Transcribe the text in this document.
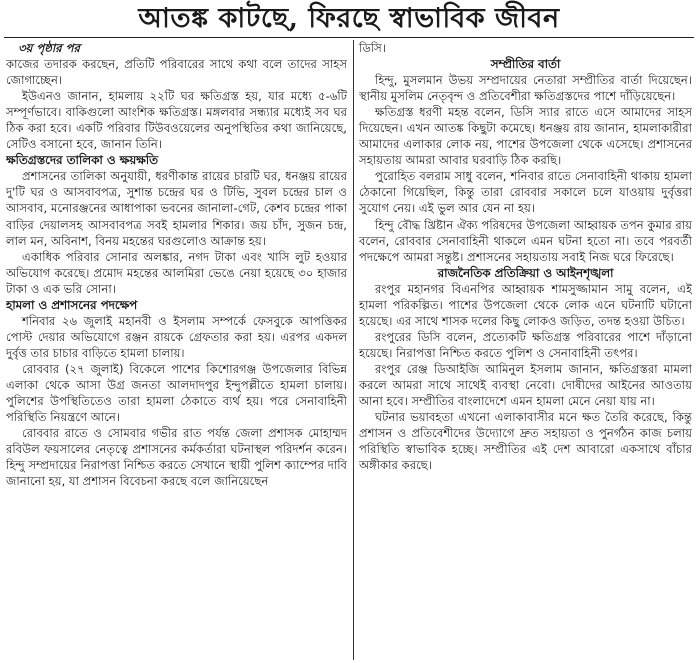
আতঙ্ক কাটছে, ফিরছে স্বাভাবিক জীবন

৩য় পৃষ্ঠার পর

কাজের তদারক করছেন, প্রতিটি পরিবারের সাথে কথা বলে তাদের সাহস জোগাচ্ছেন।

ইউএনও জানান, হামলায় ২২টি ঘর ক্ষতিগ্রস্ত হয়, যার মধ্যে ৫-৬টি সম্পূর্ণভাবে। বাকিগুলো আংশিক ক্ষতিগ্রস্ত। মঙ্গলবার সন্ধ্যার মধ্যেই সব ঘর ঠিক করা হবে। একটি পরিবার টিউবওয়েলের অনুপস্থিতির কথা জানিয়েছে, সেটিও বসানো হবে, জানান তিনি।

ক্ষতিগ্রস্তদের তালিকা ও ক্ষয়ক্ষতি

প্রশাসনের তালিকা অনুযায়ী, ধরণীকান্ত রায়ের চারটি ঘর, ধনঞ্জয় রায়ের দু'টি ঘর ও আসবাবপত্র, সুশান্ত চন্দ্রের ঘর ও টিভি, সুবল চন্দ্রের চাল ও আসবাব, মনোরঞ্জনের আধাপাকা ভবনের জানালা-গেট, কেশব চন্দ্রের পাকা বাড়ির দেয়ালসহ আসবাবপত্র সবই হামলার শিকার। জয় চাঁদ, সুজন চন্দ্র, লাল মন, অবিনাশ, বিনয় মহন্তের ঘরগুলোও আক্রান্ত হয়।

একাধিক পরিবার সোনার অলঙ্কার, নগদ টাকা এবং খাসি লুট হওয়ার অভিযোগ করেছে। প্রমোদ মহন্তের আলমিরা ভেঙে নেয়া হয়েছে ৩০ হাজার টাকা ও এক ভরি সোনা।

হামলা ও প্রশাসনের পদক্ষেপ

শনিবার ২৬ জুলাই মহানবী ও ইসলাম সম্পর্কে ফেসবুকে আপত্তিকর পোস্ট দেয়ার অভিযোগে রঞ্জন রায়কে গ্রেফতার করা হয়। এরপর একদল দুর্বৃত্ত তার চাচার বাড়িতে হামলা চালায়।

রোববার (২৭ জুলাই) বিকেলে পাশের কিশোরগঞ্জ উপজেলার বিভিন্ন এলাকা থেকে আসা উগ্র জনতা আলদাদপুর ইন্দুপল্লীতে হামলা চালায়। পুলিশের উপস্থিতিতেও তারা হামলা ঠেকাতে ব্যর্থ হয়। পরে সেনাবাহিনী পরিস্থিতি নিয়ন্ত্রণে আনে।

রোববার রাতে ও সোমবার গভীর রাত পর্যন্ত জেলা প্রশাসক মোহাম্মদ রবিউল ফয়সালের নেতৃত্বে প্রশাসনের কর্মকর্তারা ঘটনাস্থল পরিদর্শন করেন। হিন্দু সম্প্রদায়ের নিরাপত্তা নিশ্চিত করতে সেখানে স্থায়ী পুলিশ ক্যাম্পের দাবি জানানো হয়, যা প্রশাসন বিবেচনা করছে বলে জানিয়েছেন

ডিসি।

সম্প্রীতির বার্তা

হিন্দু, মুসলমান উভয় সম্প্রদায়ের নেতারা সম্প্রীতির বার্তা দিয়েছেন। স্থানীয় মুসলিম নেতৃবৃন্দ ও প্রতিবেশীরা ক্ষতিগ্রস্তদের পাশে দাঁড়িয়েছেন।

ক্ষতিগ্রস্ত ধরণী মহন্ত বলেন, ডিসি স্যার রাতে এসে আমাদের সাহস দিয়েছেন। এখন আতঙ্ক কিছুটা কমেছে। ধনঞ্জয় রায় জানান, হামলাকারীরা আমাদের এলাকার লোক নয়, পাশের উপজেলা থেকে এসেছে। প্রশাসনের সহায়তায় আমরা আবার ঘরবাড়ি ঠিক করছি।

পুরোহিত বলরাম সাধু বলেন, শনিবার রাতে সেনাবাহিনী থাকায় হামলা ঠেকানো গিয়েছিল, কিন্তু তারা রোববার সকালে চলে যাওয়ায় দুর্বৃত্তরা সুযোগ নেয়। এই ভুল আর যেন না হয়।

হিন্দু বৌদ্ধ খ্রিষ্টান ঐক্য পরিষদের উপজেলা আহ্বায়ক তপন কুমার রায় বলেন, রোববার সেনাবাহিনী থাকলে এমন ঘটনা হতো না। তবে পরবর্তী পদক্ষেপে আমরা সন্তুষ্ট। প্রশাসনের সহায়তায় সবাই নিজ ঘরে ফিরেছে।

রাজনৈতিক প্রতিক্রিয়া ও আইনশৃঙ্খলা

রংপুর মহানগর বিএনপির আহ্বায়ক শামসুজ্জামান সামু বলেন, এই হামলা পরিকল্পিত। পাশের উপজেলা থেকে লোক এনে ঘটনাটি ঘটানো হয়েছে। এর সাথে শাসক দলের কিছু লোকও জড়িত, তদন্ত হওয়া উচিত।

রংপুরের ডিসি বলেন, প্রত্যেকটি ক্ষতিগ্রস্ত পরিবারের পাশে দাঁড়ানো হয়েছে। নিরাপত্তা নিশ্চিত করতে পুলিশ ও সেনাবাহিনী তৎপর।

রংপুর রেঞ্জ ডিআইজি আমিনুল ইসলাম জানান, ক্ষতিগ্রস্তরা মামলা করলে আমরা সাথে সাথেই ব্যবস্থা নেবো। দোষীদের আইনের আওতায় আনা হবে। সম্প্রীতির বাংলাদেশে এমন হামলা মেনে নেয়া যায় না।

ঘটনার ভয়াবহতা এখনো এলাকাবাসীর মনে ক্ষত তৈরি করেছে, কিন্তু প্রশাসন ও প্রতিবেশীদের উদ্যোগে দ্রুত সহায়তা ও পুনর্গঠন কাজ চলায় পরিস্থিতি স্বাভাবিক হচ্ছে। সম্প্রীতির এই দেশ আবারো একসাথে বাঁচার অঙ্গীকার করছে।
